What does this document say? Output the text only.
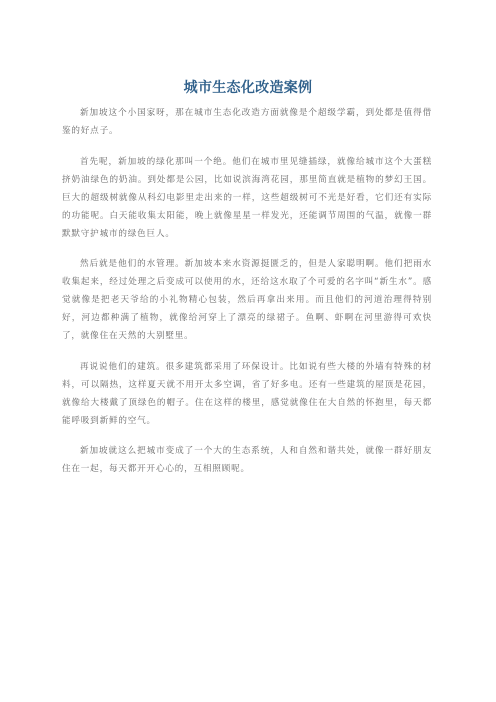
城市生态化改造案例

新加坡这个小国家呀，那在城市生态化改造方面就像是个超级学霸，到处都是值得借鉴的好点子。

首先呢，新加坡的绿化那叫一个绝。他们在城市里见缝插绿，就像给城市这个大蛋糕挤奶油绿色的奶油。到处都是公园，比如说滨海湾花园，那里简直就是植物的梦幻王国。巨大的超级树就像从科幻电影里走出来的一样，这些超级树可不光是好看，它们还有实际的功能呢。白天能收集太阳能，晚上就像星星一样发光，还能调节周围的气温，就像一群默默守护城市的绿色巨人。

然后就是他们的水管理。新加坡本来水资源挺匮乏的，但是人家聪明啊。他们把雨水收集起来，经过处理之后变成可以使用的水，还给这水取了个可爱的名字叫“新生水”。感觉就像是把老天爷给的小礼物精心包装，然后再拿出来用。而且他们的河道治理得特别好，河边都种满了植物，就像给河穿上了漂亮的绿裙子。鱼啊、虾啊在河里游得可欢快了，就像住在天然的大别墅里。

再说说他们的建筑。很多建筑都采用了环保设计。比如说有些大楼的外墙有特殊的材料，可以隔热，这样夏天就不用开太多空调，省了好多电。还有一些建筑的屋顶是花园，就像给大楼戴了顶绿色的帽子。住在这样的楼里，感觉就像住在大自然的怀抱里，每天都能呼吸到新鲜的空气。

新加坡就这么把城市变成了一个大的生态系统，人和自然和谐共处，就像一群好朋友住在一起，每天都开开心心的，互相照顾呢。
